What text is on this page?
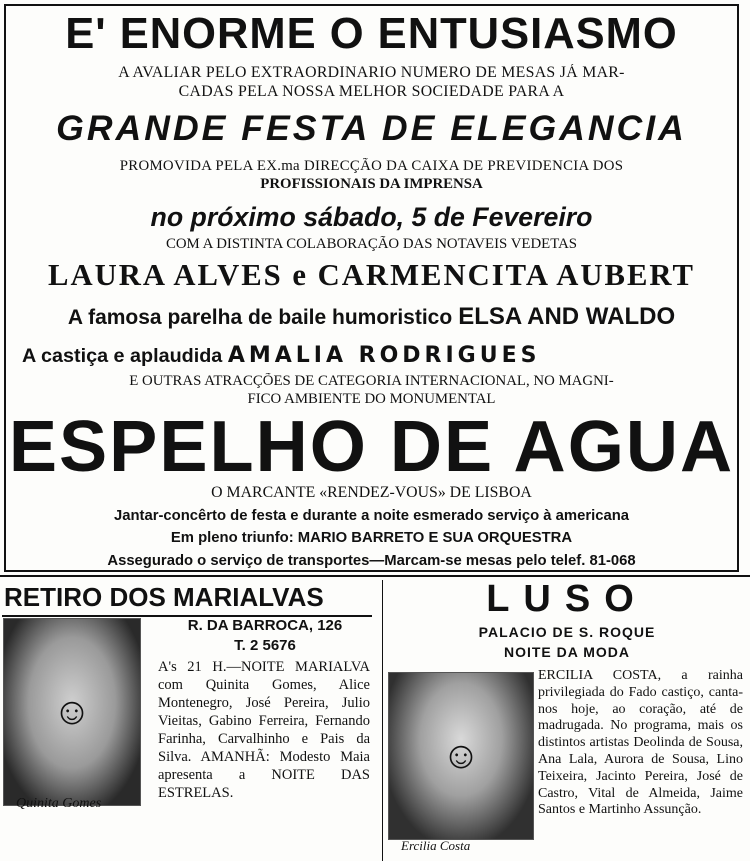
E' ENORME O ENTUSIASMO
A AVALIAR PELO EXTRAORDINARIO NUMERO DE MESAS JÁ MAR-
CADAS PELA NOSSA MELHOR SOCIEDADE PARA A
GRANDE FESTA DE ELEGANCIA
PROMOVIDA PELA EX.ma DIRECÇÃO DA CAIXA DE PREVIDENCIA DOS
PROFISSIONAIS DA IMPRENSA
no próximo sábado, 5 de Fevereiro
COM A DISTINTA COLABORAÇÃO DAS NOTAVEIS VEDETAS
LAURA ALVES e CARMENCITA AUBERT
A famosa parelha de baile humoristico ELSA AND WALDO
A castiça e aplaudida AMALIA RODRIGUES
E OUTRAS ATRACÇÕES DE CATEGORIA INTERNACIONAL, NO MAGNI-
FICO AMBIENTE DO MONUMENTAL
ESPELHO DE AGUA
O MARCANTE «RENDEZ-VOUS» DE LISBOA
Jantar-concêrto de festa e durante a noite esmerado serviço à americana
Em pleno triunfo: MARIO BARRETO E SUA ORQUESTRA
Assegurado o serviço de transportes—Marcam-se mesas pelo telef. 81-068
RETIRO DOS MARIALVAS
R. DA BARROCA, 126
T. 2 5676
☺
A's 21 H.—NOITE MARIALVA com Quinita Gomes, Alice Montenegro, José Pereira, Julio Vieitas, Gabino Ferreira, Fernando Farinha, Carvalhinho e Pais da Silva. AMANHÃ: Modesto Maia apresenta a NOITE DAS ESTRELAS.
Quinita Gomes
LUSO
PALACIO DE S. ROQUE
NOITE DA MODA
☺
ERCILIA COSTA, a rainha privilegiada do Fado castiço, canta-nos hoje, ao coração, até de madrugada. No programa, mais os distintos artistas Deolinda de Sousa, Ana Lala, Aurora de Sousa, Lino Teixeira, Jacinto Pereira, José de Castro, Vital de Almeida, Jaime Santos e Martinho Assunção.
Ercilia Costa
